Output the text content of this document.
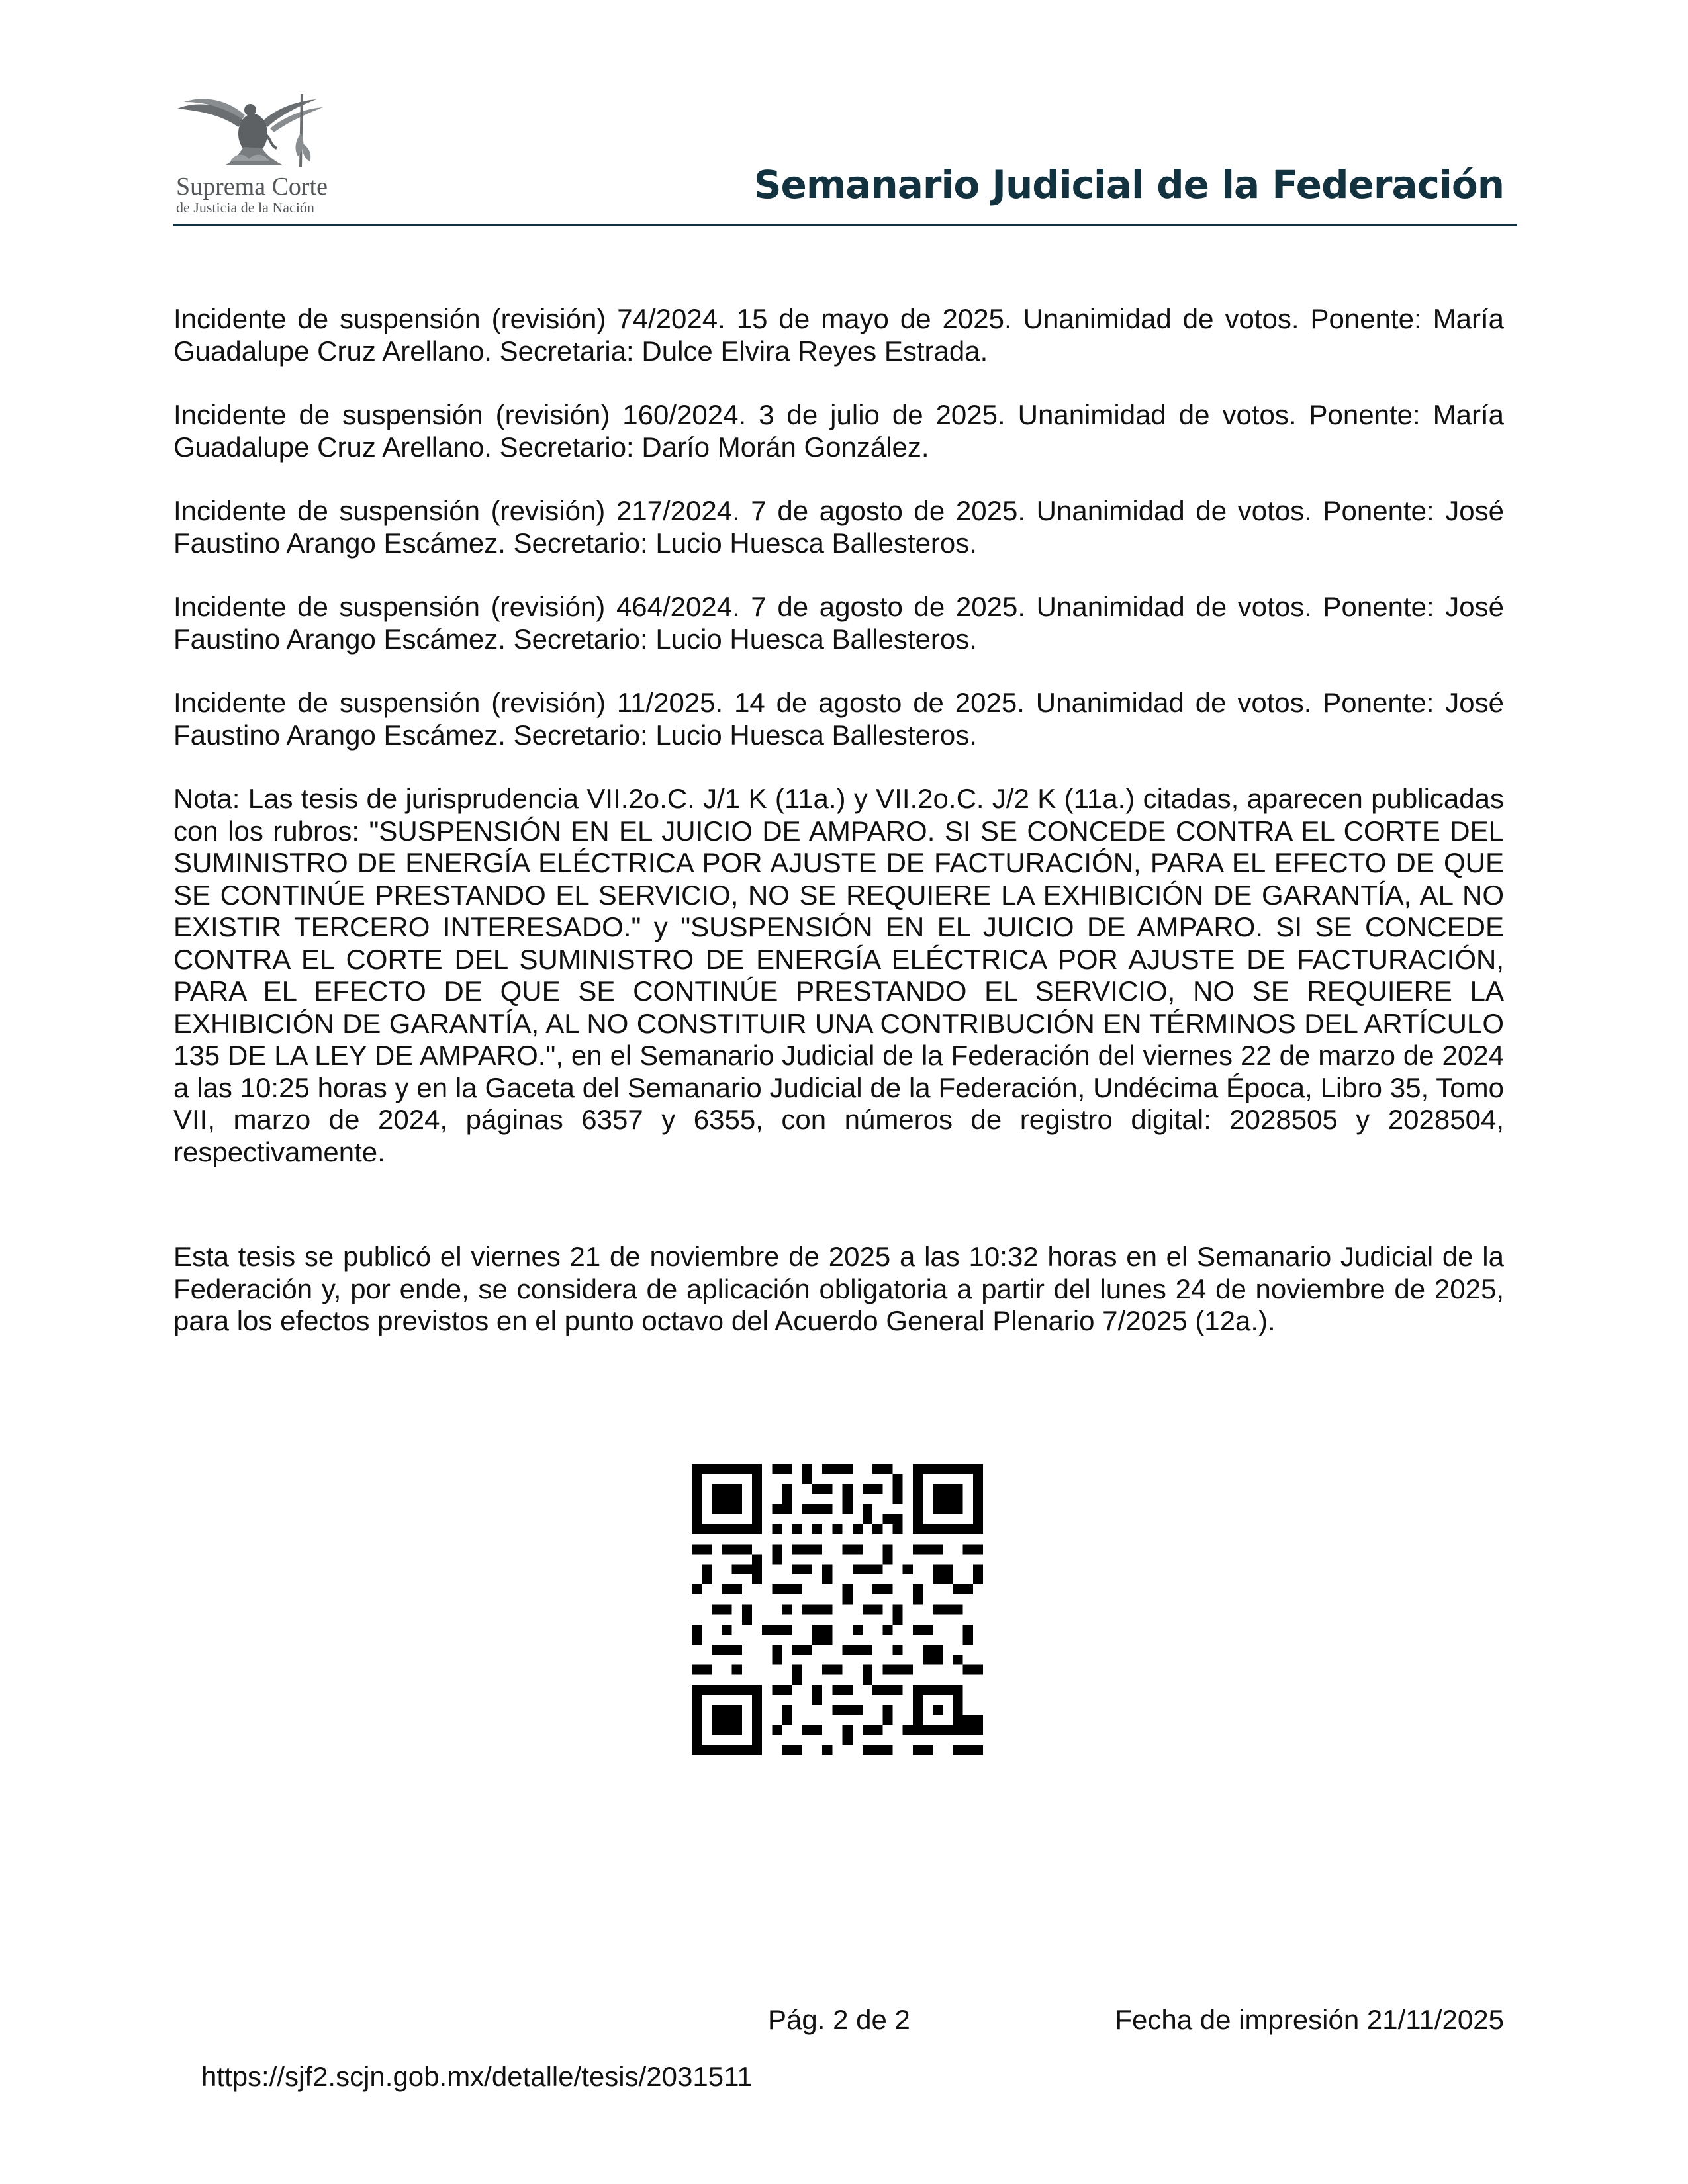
Suprema Corte
de Justicia de la Nación
Semanario Judicial de la Federación

Incidente de suspensión (revisión) 74/2024. 15 de mayo de 2025. Unanimidad de votos. Ponente: María Guadalupe Cruz Arellano. Secretaria: Dulce Elvira Reyes Estrada.

Incidente de suspensión (revisión) 160/2024. 3 de julio de 2025. Unanimidad de votos. Ponente: María Guadalupe Cruz Arellano. Secretario: Darío Morán González.

Incidente de suspensión (revisión) 217/2024. 7 de agosto de 2025. Unanimidad de votos. Ponente: José Faustino Arango Escámez. Secretario: Lucio Huesca Ballesteros.

Incidente de suspensión (revisión) 464/2024. 7 de agosto de 2025. Unanimidad de votos. Ponente: José Faustino Arango Escámez. Secretario: Lucio Huesca Ballesteros.

Incidente de suspensión (revisión) 11/2025. 14 de agosto de 2025. Unanimidad de votos. Ponente: José Faustino Arango Escámez. Secretario: Lucio Huesca Ballesteros.

Nota: Las tesis de jurisprudencia VII.2o.C. J/1 K (11a.) y VII.2o.C. J/2 K (11a.) citadas, aparecen publicadas con los rubros: "SUSPENSIÓN EN EL JUICIO DE AMPARO. SI SE CONCEDE CONTRA EL CORTE DEL SUMINISTRO DE ENERGÍA ELÉCTRICA POR AJUSTE DE FACTURACIÓN, PARA EL EFECTO DE QUE SE CONTINÚE PRESTANDO EL SERVICIO, NO SE REQUIERE LA EXHIBICIÓN DE GARANTÍA, AL NO EXISTIR TERCERO INTERESADO." y "SUSPENSIÓN EN EL JUICIO DE AMPARO. SI SE CONCEDE CONTRA EL CORTE DEL SUMINISTRO DE ENERGÍA ELÉCTRICA POR AJUSTE DE FACTURACIÓN, PARA EL EFECTO DE QUE SE CONTINÚE PRESTANDO EL SERVICIO, NO SE REQUIERE LA EXHIBICIÓN DE GARANTÍA, AL NO CONSTITUIR UNA CONTRIBUCIÓN EN TÉRMINOS DEL ARTÍCULO 135 DE LA LEY DE AMPARO.", en el Semanario Judicial de la Federación del viernes 22 de marzo de 2024 a las 10:25 horas y en la Gaceta del Semanario Judicial de la Federación, Undécima Época, Libro 35, Tomo VII, marzo de 2024, páginas 6357 y 6355, con números de registro digital: 2028505 y 2028504, respectivamente.

Esta tesis se publicó el viernes 21 de noviembre de 2025 a las 10:32 horas en el Semanario Judicial de la Federación y, por ende, se considera de aplicación obligatoria a partir del lunes 24 de noviembre de 2025, para los efectos previstos en el punto octavo del Acuerdo General Plenario 7/2025 (12a.).

Pág. 2 de 2	Fecha de impresión 21/11/2025
https://sjf2.scjn.gob.mx/detalle/tesis/2031511
